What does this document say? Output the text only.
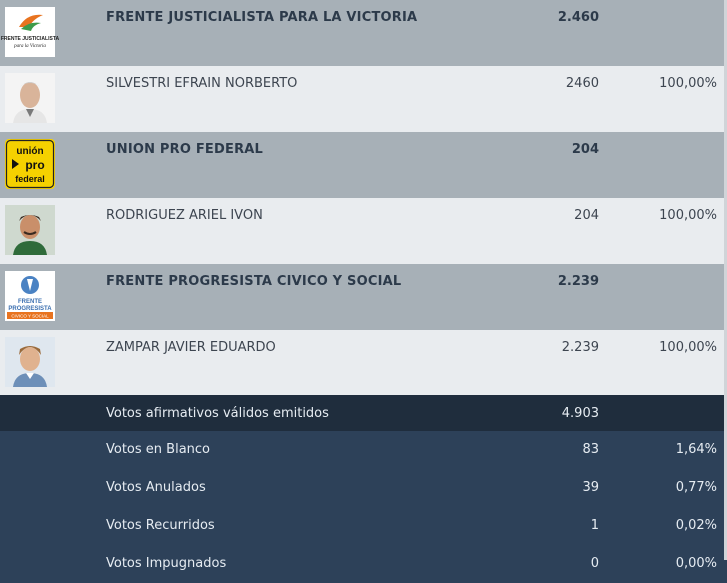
FRENTE JUSTICIALISTA
para la Victoria
FRENTE JUSTICIALISTA PARA LA VICTORIA	2.460
SILVESTRI EFRAIN NORBERTO	2460	100,00%
unión
pro
federal
UNION PRO FEDERAL	204
RODRIGUEZ ARIEL IVON	204	100,00%
FRENTE
PROGRESISTA
CIVICO Y SOCIAL
FRENTE PROGRESISTA CIVICO Y SOCIAL	2.239
ZAMPAR JAVIER EDUARDO	2.239	100,00%
Votos afirmativos válidos emitidos	4.903
Votos en Blanco	83	1,64%
Votos Anulados	39	0,77%
Votos Recurridos	1	0,02%
Votos Impugnados	0	0,00%
